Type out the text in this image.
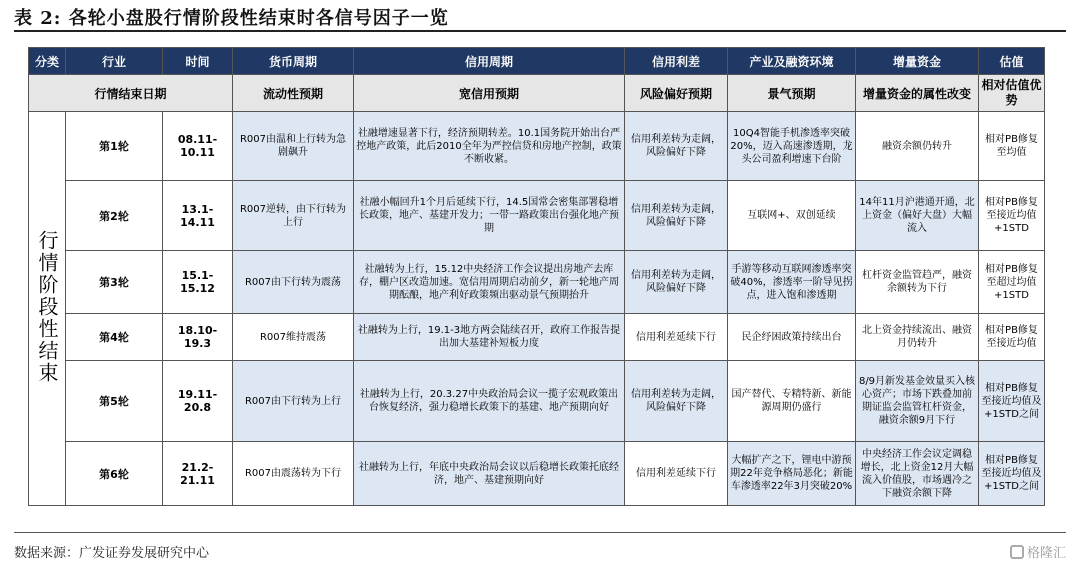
表 2: 各轮小盘股行情阶段性结束时各信号因子一览
分类	行业	时间	货币周期	信用周期	信用利差	产业及融资环境	增量资金	估值
行情结束日期			流动性预期	宽信用预期	风险偏好预期	景气预期	增量资金的属性改变	相对估值优势
行情阶段性结束	第1轮	08.11-10.11	R007由温和上行转为急剧飙升	社融增速显著下行，经济预期转差。10.1国务院开始出台严控地产政策，此后2010全年为严控信贷和房地产控制，政策不断收紧。	信用利差转为走阔，风险偏好下降	10Q4智能手机渗透率突破20%，迈入高速渗透期，龙头公司盈利增速下台阶	融资余额仍转升	相对PB修复至均值
	第2轮	13.1-14.11	R007逆转，由下行转为上行	社融小幅回升1个月后延续下行，14.5国常会密集部署稳增长政策，地产、基建开发力；一带一路政策出台强化地产预期	信用利差转为走阔，风险偏好下降	互联网+、双创延续	14年11月沪港通开通，北上资金（偏好大盘）大幅流入	相对PB修复至接近均值+1STD
	第3轮	15.1-15.12	R007由下行转为震荡	社融转为上行，15.12中央经济工作会议提出房地产去库存，棚户区改造加速。宽信用周期启动前夕，新一轮地产周期酝酿，地产利好政策频出驱动景气预期抬升	信用利差转为走阔，风险偏好下降	手游等移动互联网渗透率突破40%，渗透率一阶导见拐点，进入饱和渗透期	杠杆资金监管趋严，融资余额转为下行	相对PB修复至超过均值+1STD
	第4轮	18.10-19.3	R007维持震荡	社融转为上行，19.1-3地方两会陆续召开，政府工作报告提出加大基建补短板力度	信用利差延续下行	民企纾困政策持续出台	北上资金持续流出、融资月仍转升	相对PB修复至接近均值
	第5轮	19.11-20.8	R007由下行转为上行	社融转为上行，20.3.27中央政治局会议一揽子宏观政策出台恢复经济，强力稳增长政策下的基建、地产预期向好	信用利差转为走阔，风险偏好下降	国产替代、专精特新、新能源周期仍盛行	8/9月新发基金效量买入核心资产；市场下跌叠加前期证监会监管杠杆资金，融资余额9月下行	相对PB修复至接近均值及+1STD之间
	第6轮	21.2-21.11	R007由震荡转为下行	社融转为上行，年底中央政治局会议以后稳增长政策托底经济，地产、基建预期向好	信用利差延续下行	大幅扩产之下，锂电中游预期22年竞争格局恶化；新能车渗透率22年3月突破20%	中央经济工作会议定调稳增长，北上资金12月大幅流入价值股，市场遇冷之下融资余额下降	相对PB修复至接近均值及+1STD之间
数据来源：广发证券发展研究中心	格隆汇
